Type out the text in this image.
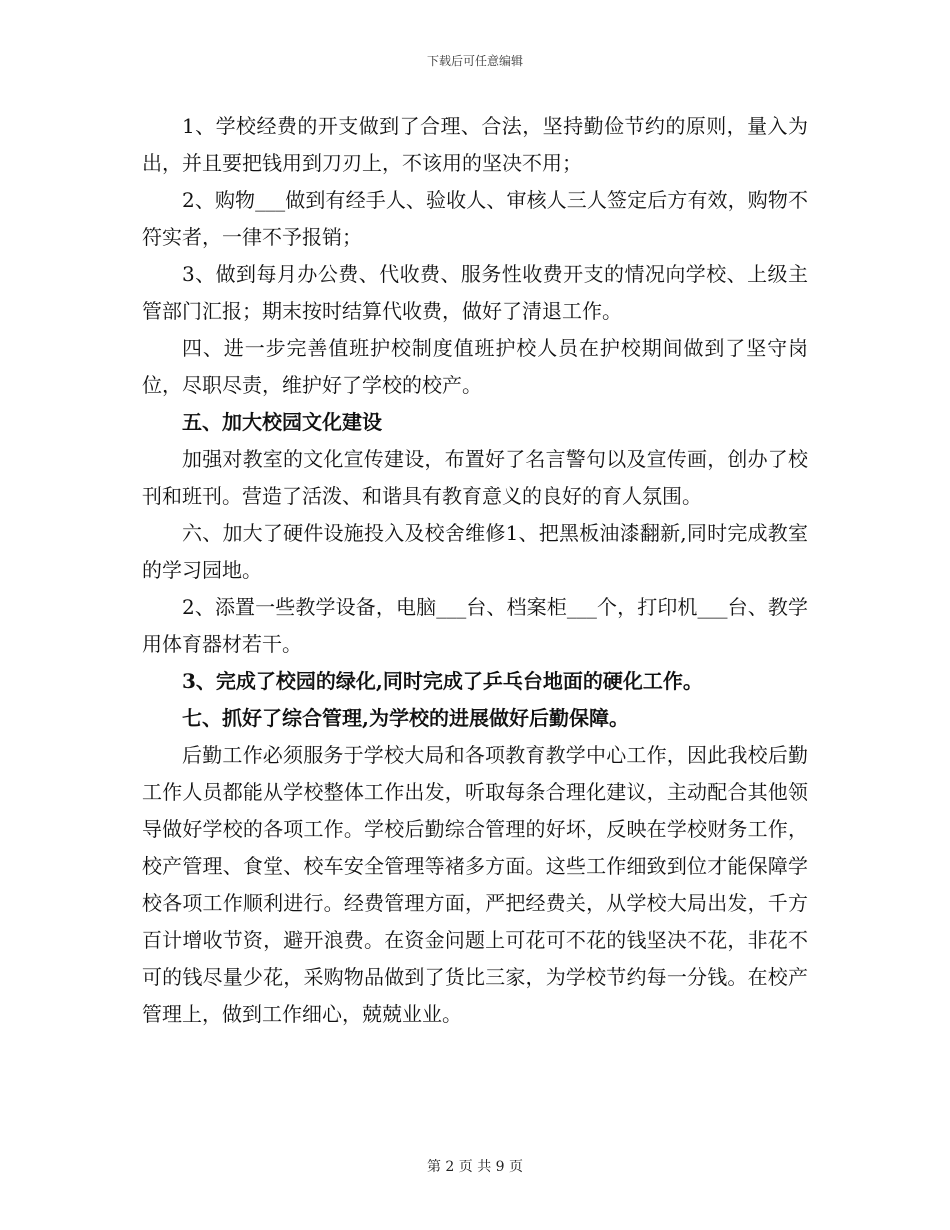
下载后可任意编辑

1、学校经费的开支做到了合理、合法，坚持勤俭节约的原则，量入为出，并且要把钱用到刀刃上，不该用的坚决不用；

2、购物___做到有经手人、验收人、审核人三人签定后方有效，购物不符实者，一律不予报销；

3、做到每月办公费、代收费、服务性收费开支的情况向学校、上级主管部门汇报；期末按时结算代收费，做好了清退工作。

四、进一步完善值班护校制度值班护校人员在护校期间做到了坚守岗位，尽职尽责，维护好了学校的校产。

五、加大校园文化建设

加强对教室的文化宣传建设，布置好了名言警句以及宣传画，创办了校刊和班刊。营造了活泼、和谐具有教育意义的良好的育人氛围。

六、加大了硬件设施投入及校舍维修1、把黑板油漆翻新,同时完成教室的学习园地。

2、添置一些教学设备，电脑___台、档案柜___个，打印机___台、教学用体育器材若干。

3、完成了校园的绿化,同时完成了乒乓台地面的硬化工作。

七、抓好了综合管理,为学校的进展做好后勤保障。

后勤工作必须服务于学校大局和各项教育教学中心工作，因此我校后勤工作人员都能从学校整体工作出发，听取每条合理化建议，主动配合其他领导做好学校的各项工作。学校后勤综合管理的好坏，反映在学校财务工作，校产管理、食堂、校车安全管理等褚多方面。这些工作细致到位才能保障学校各项工作顺利进行。经费管理方面，严把经费关，从学校大局出发，千方百计增收节资，避开浪费。在资金问题上可花可不花的钱坚决不花，非花不可的钱尽量少花，采购物品做到了货比三家，为学校节约每一分钱。在校产管理上，做到工作细心，兢兢业业。

第 2 页 共 9 页
